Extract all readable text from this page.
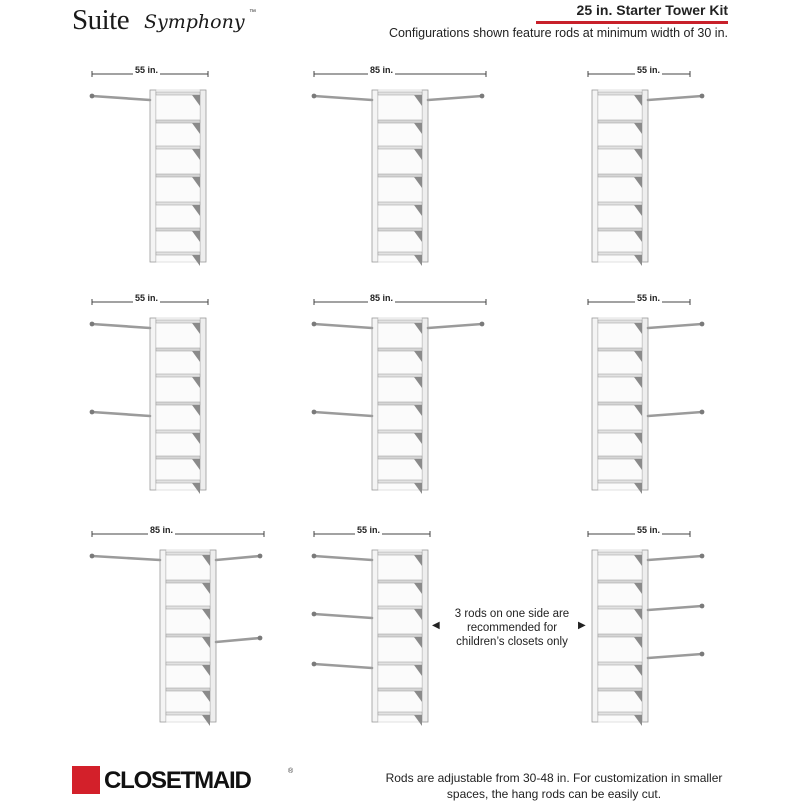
Suite Symphony ™	25 in. Starter Tower Kit
Configurations shown feature rods at minimum width of 30 in.
55 in.	85 in.	55 in.
55 in.	85 in.	55 in.
85 in.	55 in.	55 in.
◀
3 rods on one side are recommended for children’s closets only
▶
CLOSETMAID	®	Rods are adjustable from 30-48 in. For customization in smaller spaces, the hang rods can be easily cut.
